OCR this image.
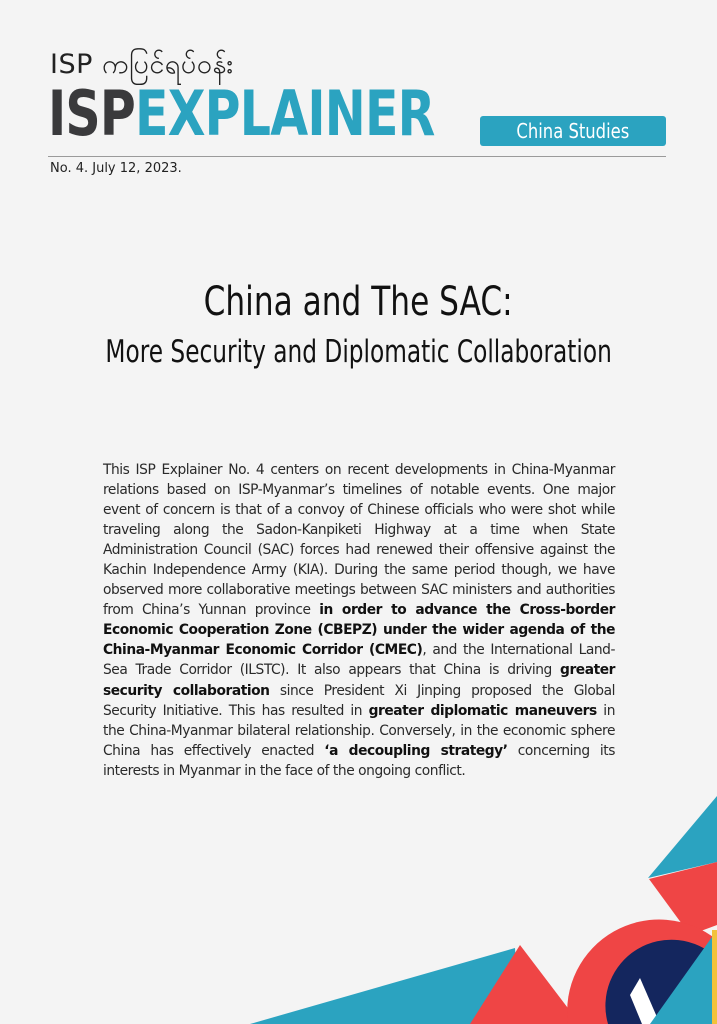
ISP ကပြင်ရပ်ဝန်း
ISPEXPLAINER	China Studies
No. 4. July 12, 2023.
China and The SAC:
More Security and Diplomatic Collaboration

This ISP Explainer No. 4 centers on recent developments in China-Myanmar relations based on ISP-Myanmar’s timelines of notable events. One major event of concern is that of a convoy of Chinese officials who were shot while traveling along the Sadon-Kanpiketi Highway at a time when State Administration Council (SAC) forces had renewed their offensive against the Kachin Independence Army (KIA). During the same period though, we have observed more collaborative meetings between SAC ministers and authorities from China’s Yunnan province in order to advance the Cross-border Economic Cooperation Zone (CBEPZ) under the wider agenda of the China-Myanmar Economic Corridor (CMEC), and the International Land-Sea Trade Corridor (ILSTC). It also appears that China is driving greater security collaboration since President Xi Jinping proposed the Global Security Initiative. This has resulted in greater diplomatic maneuvers in the China-Myanmar bilateral relationship. Conversely, in the economic sphere China has effectively enacted ‘a decoupling strategy’ concerning its interests in Myanmar in the face of the ongoing conflict.
